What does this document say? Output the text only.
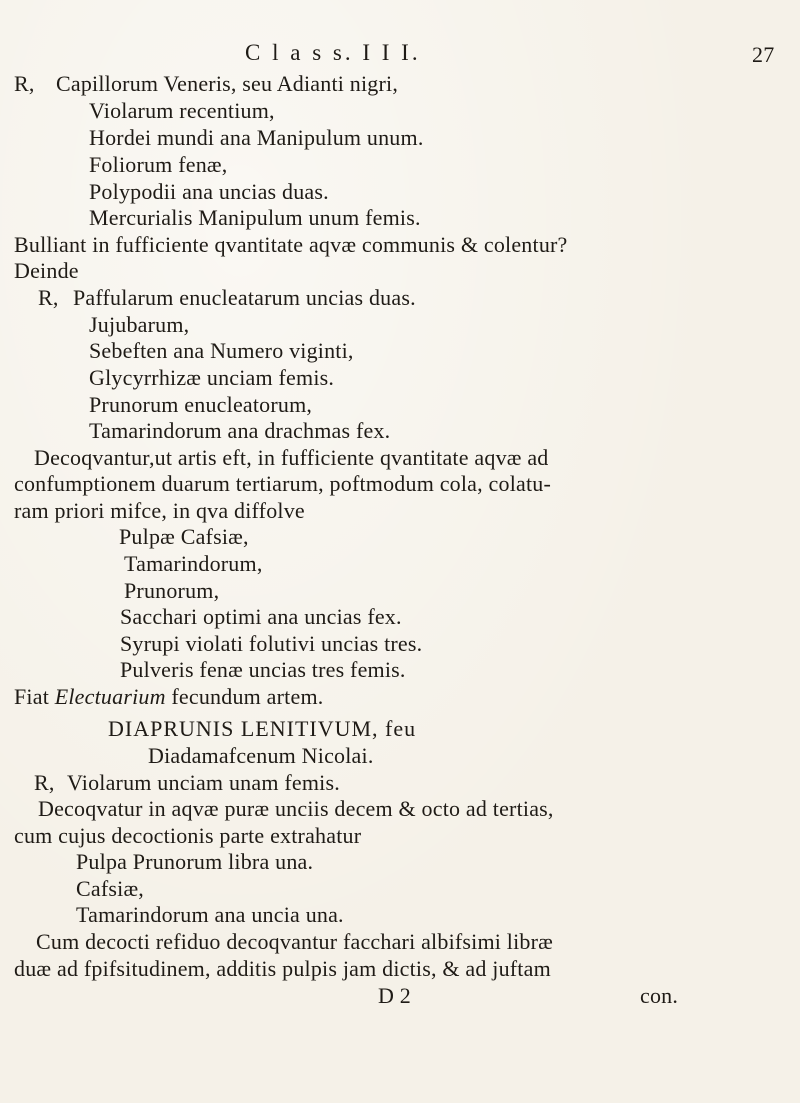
C l a s s. I I I.	27
R, Capillorum Veneris, seu Adianti nigri,
Violarum recentium,
Hordei mundi ana Manipulum unum.
Foliorum fenæ,
Polypodii ana uncias duas.
Mercurialis Manipulum unum femis.
Bulliant in fufficiente qvantitate aqvæ communis & colentur?
Deinde
R, Paffularum enucleatarum uncias duas.
Jujubarum,
Sebeften ana Numero viginti,
Glycyrrhizæ unciam femis.
Prunorum enucleatorum,
Tamarindorum ana drachmas fex.
Decoqvantur,ut artis eft, in fufficiente qvantitate aqvæ ad
confumptionem duarum tertiarum, poftmodum cola, colatu-
ram priori mifce, in qva diffolve
Pulpæ Cafsiæ,
Tamarindorum,
Prunorum,
Sacchari optimi ana uncias fex.
Syrupi violati folutivi uncias tres.
Pulveris fenæ uncias tres femis.
Fiat Electuarium fecundum artem.
DIAPRUNIS LENITIVUM, feu
Diadamafcenum Nicolai.
R, Violarum unciam unam femis.
Decoqvatur in aqvæ puræ unciis decem & octo ad tertias,
cum cujus decoctionis parte extrahatur
Pulpa Prunorum libra una.
Cafsiæ,
Tamarindorum ana uncia una.
Cum decocti refiduo decoqvantur facchari albifsimi libræ
duæ ad fpifsitudinem, additis pulpis jam dictis, & ad juftam
D 2	con.
